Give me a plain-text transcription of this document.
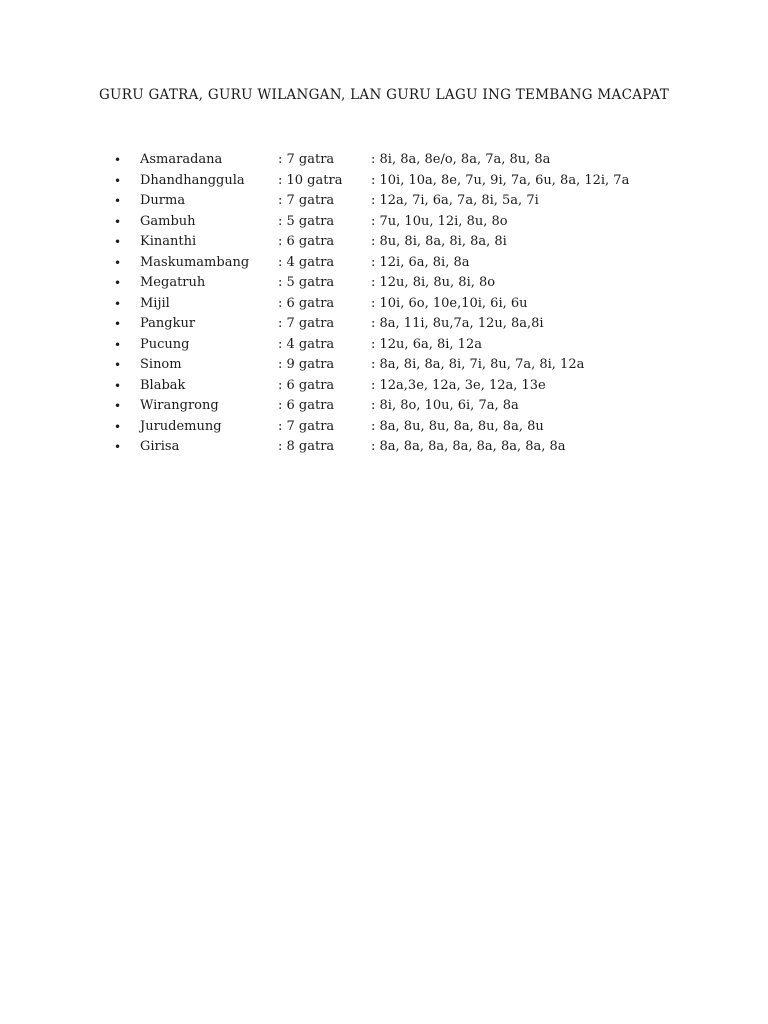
GURU GATRA, GURU WILANGAN, LAN GURU LAGU ING TEMBANG MACAPAT
• Asmaradana	: 7 gatra	: 8i, 8a, 8e/o, 8a, 7a, 8u, 8a
• Dhandhanggula	: 10 gatra : 10i, 10a, 8e, 7u, 9i, 7a, 6u, 8a, 12i, 7a
• Durma	: 7 gatra	: 12a, 7i, 6a, 7a, 8i, 5a, 7i
• Gambuh	: 5 gatra	: 7u, 10u, 12i, 8u, 8o
• Kinanthi	: 6 gatra	: 8u, 8i, 8a, 8i, 8a, 8i
• Maskumambang : 4 gatra	: 12i, 6a, 8i, 8a
• Megatruh	: 5 gatra	: 12u, 8i, 8u, 8i, 8o
• Mijil	: 6 gatra	: 10i, 6o, 10e,10i, 6i, 6u
• Pangkur	: 7 gatra	: 8a, 11i, 8u,7a, 12u, 8a,8i
• Pucung	: 4 gatra	: 12u, 6a, 8i, 12a
• Sinom	: 9 gatra	: 8a, 8i, 8a, 8i, 7i, 8u, 7a, 8i, 12a
• Blabak	: 6 gatra	: 12a,3e, 12a, 3e, 12a, 13e
• Wirangrong	: 6 gatra	: 8i, 8o, 10u, 6i, 7a, 8a
• Jurudemung	: 7 gatra	: 8a, 8u, 8u, 8a, 8u, 8a, 8u
• Girisa	: 8 gatra	: 8a, 8a, 8a, 8a, 8a, 8a, 8a, 8a
